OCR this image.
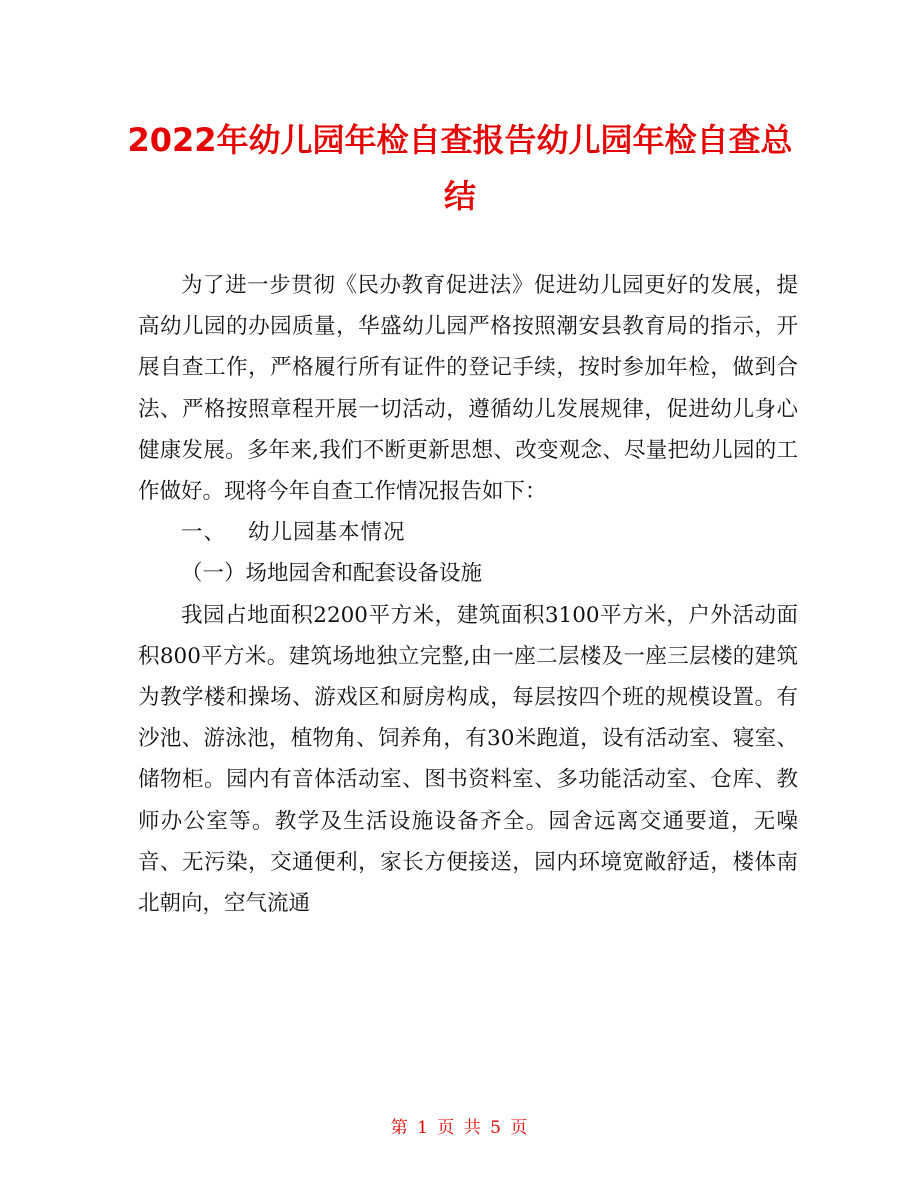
2022年幼儿园年检自查报告幼儿园年检自查总结

为了进一步贯彻《民办教育促进法》促进幼儿园更好的发展，提高幼儿园的办园质量，华盛幼儿园严格按照潮安县教育局的指示，开展自查工作，严格履行所有证件的登记手续，按时参加年检，做到合法、严格按照章程开展一切活动，遵循幼儿发展规律，促进幼儿身心健康发展。多年来,我们不断更新思想、改变观念、尽量把幼儿园的工作做好。现将今年自查工作情况报告如下：

一、 幼儿园基本情况

（一）场地园舍和配套设备设施

我园占地面积2200平方米，建筑面积3100平方米，户外活动面积800平方米。建筑场地独立完整,由一座二层楼及一座三层楼的建筑为教学楼和操场、游戏区和厨房构成，每层按四个班的规模设置。有沙池、游泳池，植物角、饲养角，有30米跑道，设有活动室、寝室、储物柜。园内有音体活动室、图书资料室、多功能活动室、仓库、教师办公室等。教学及生活设施设备齐全。园舍远离交通要道，无噪音、无污染，交通便利，家长方便接送，园内环境宽敞舒适，楼体南北朝向，空气流通

第 1 页 共 5 页
